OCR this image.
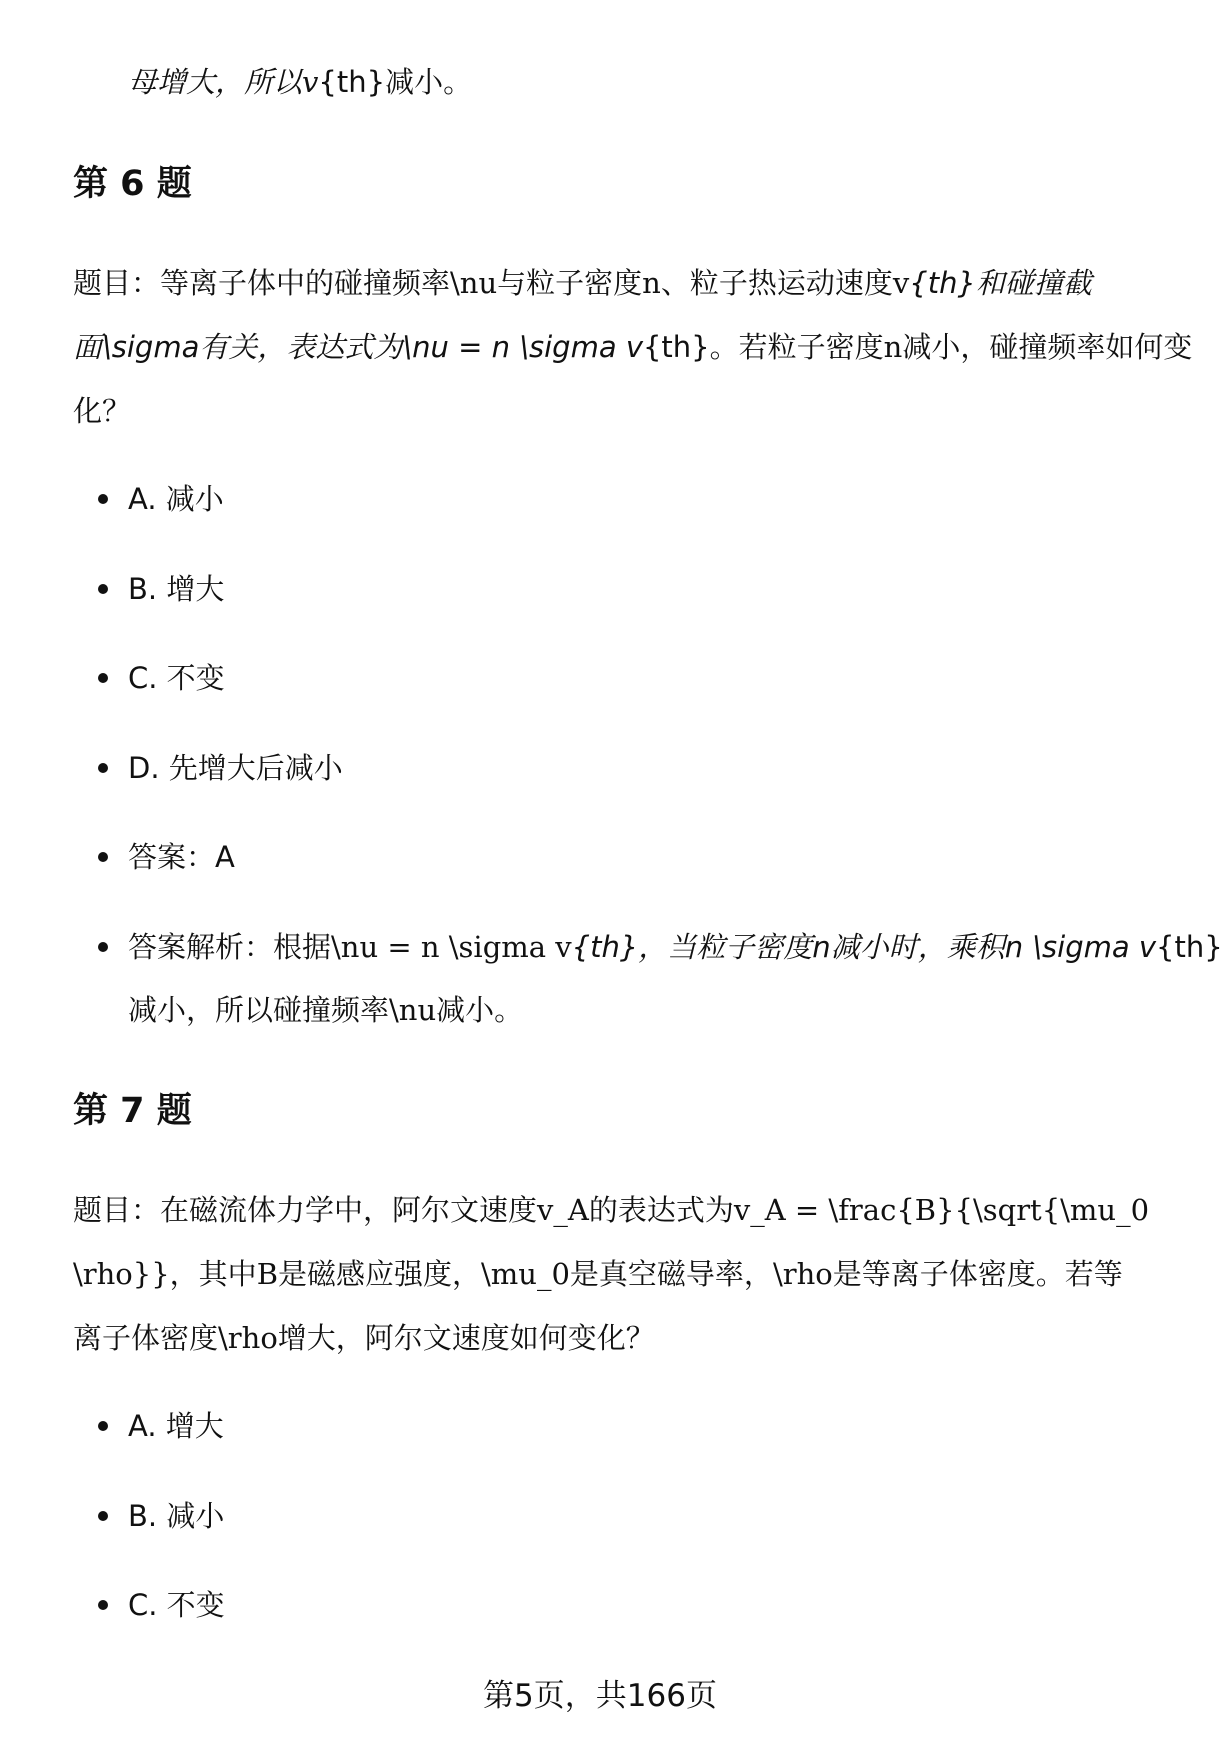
母增大，所以v{th}减小。
第 6 题
题目：等离子体中的碰撞频率\nu与粒子密度n、粒子热运动速度v{th}和碰撞截
面\sigma有关，表达式为\nu = n \sigma v{th}。若粒子密度n减小，碰撞频率如何变
化？
A. 减小
B. 增大
C. 不变
D. 先增大后减小
答案：A
答案解析：根据\nu = n \sigma v{th}，当粒子密度n减小时，乘积n \sigma v{th}
减小，所以碰撞频率\nu减小。
第 7 题
题目：在磁流体力学中，阿尔文速度v_A的表达式为v_A = \frac{B}{\sqrt{\mu_0
\rho}}，其中B是磁感应强度，\mu_0是真空磁导率，\rho是等离子体密度。若等
离子体密度\rho增大，阿尔文速度如何变化？
A. 增大
B. 减小
C. 不变
第5页，共166页
